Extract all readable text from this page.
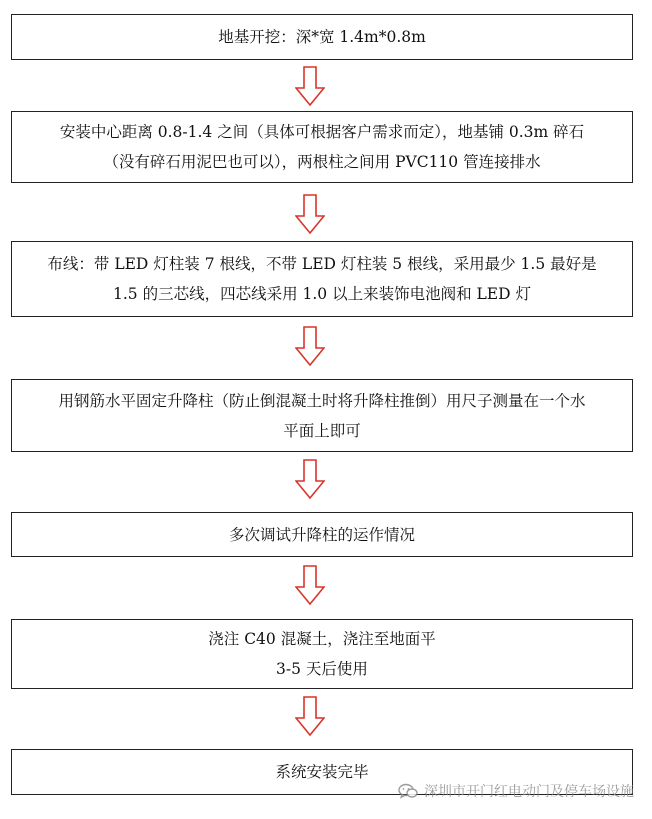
地基开挖：深*宽 1.4m*0.8m
安装中心距离 0.8-1.4 之间（具体可根据客户需求而定），地基铺 0.3m 碎石
（没有碎石用泥巴也可以），两根柱之间用 PVC110 管连接排水
布线：带 LED 灯柱装 7 根线，不带 LED 灯柱装 5 根线，采用最少 1.5 最好是
1.5 的三芯线，四芯线采用 1.0 以上来装饰电池阀和 LED 灯
用钢筋水平固定升降柱（防止倒混凝土时将升降柱推倒）用尺子测量在一个水
平面上即可
多次调试升降柱的运作情况
浇注 C40 混凝土，浇注至地面平
3-5 天后使用
系统安装完毕
深圳市开门红电动门及停车场设施
